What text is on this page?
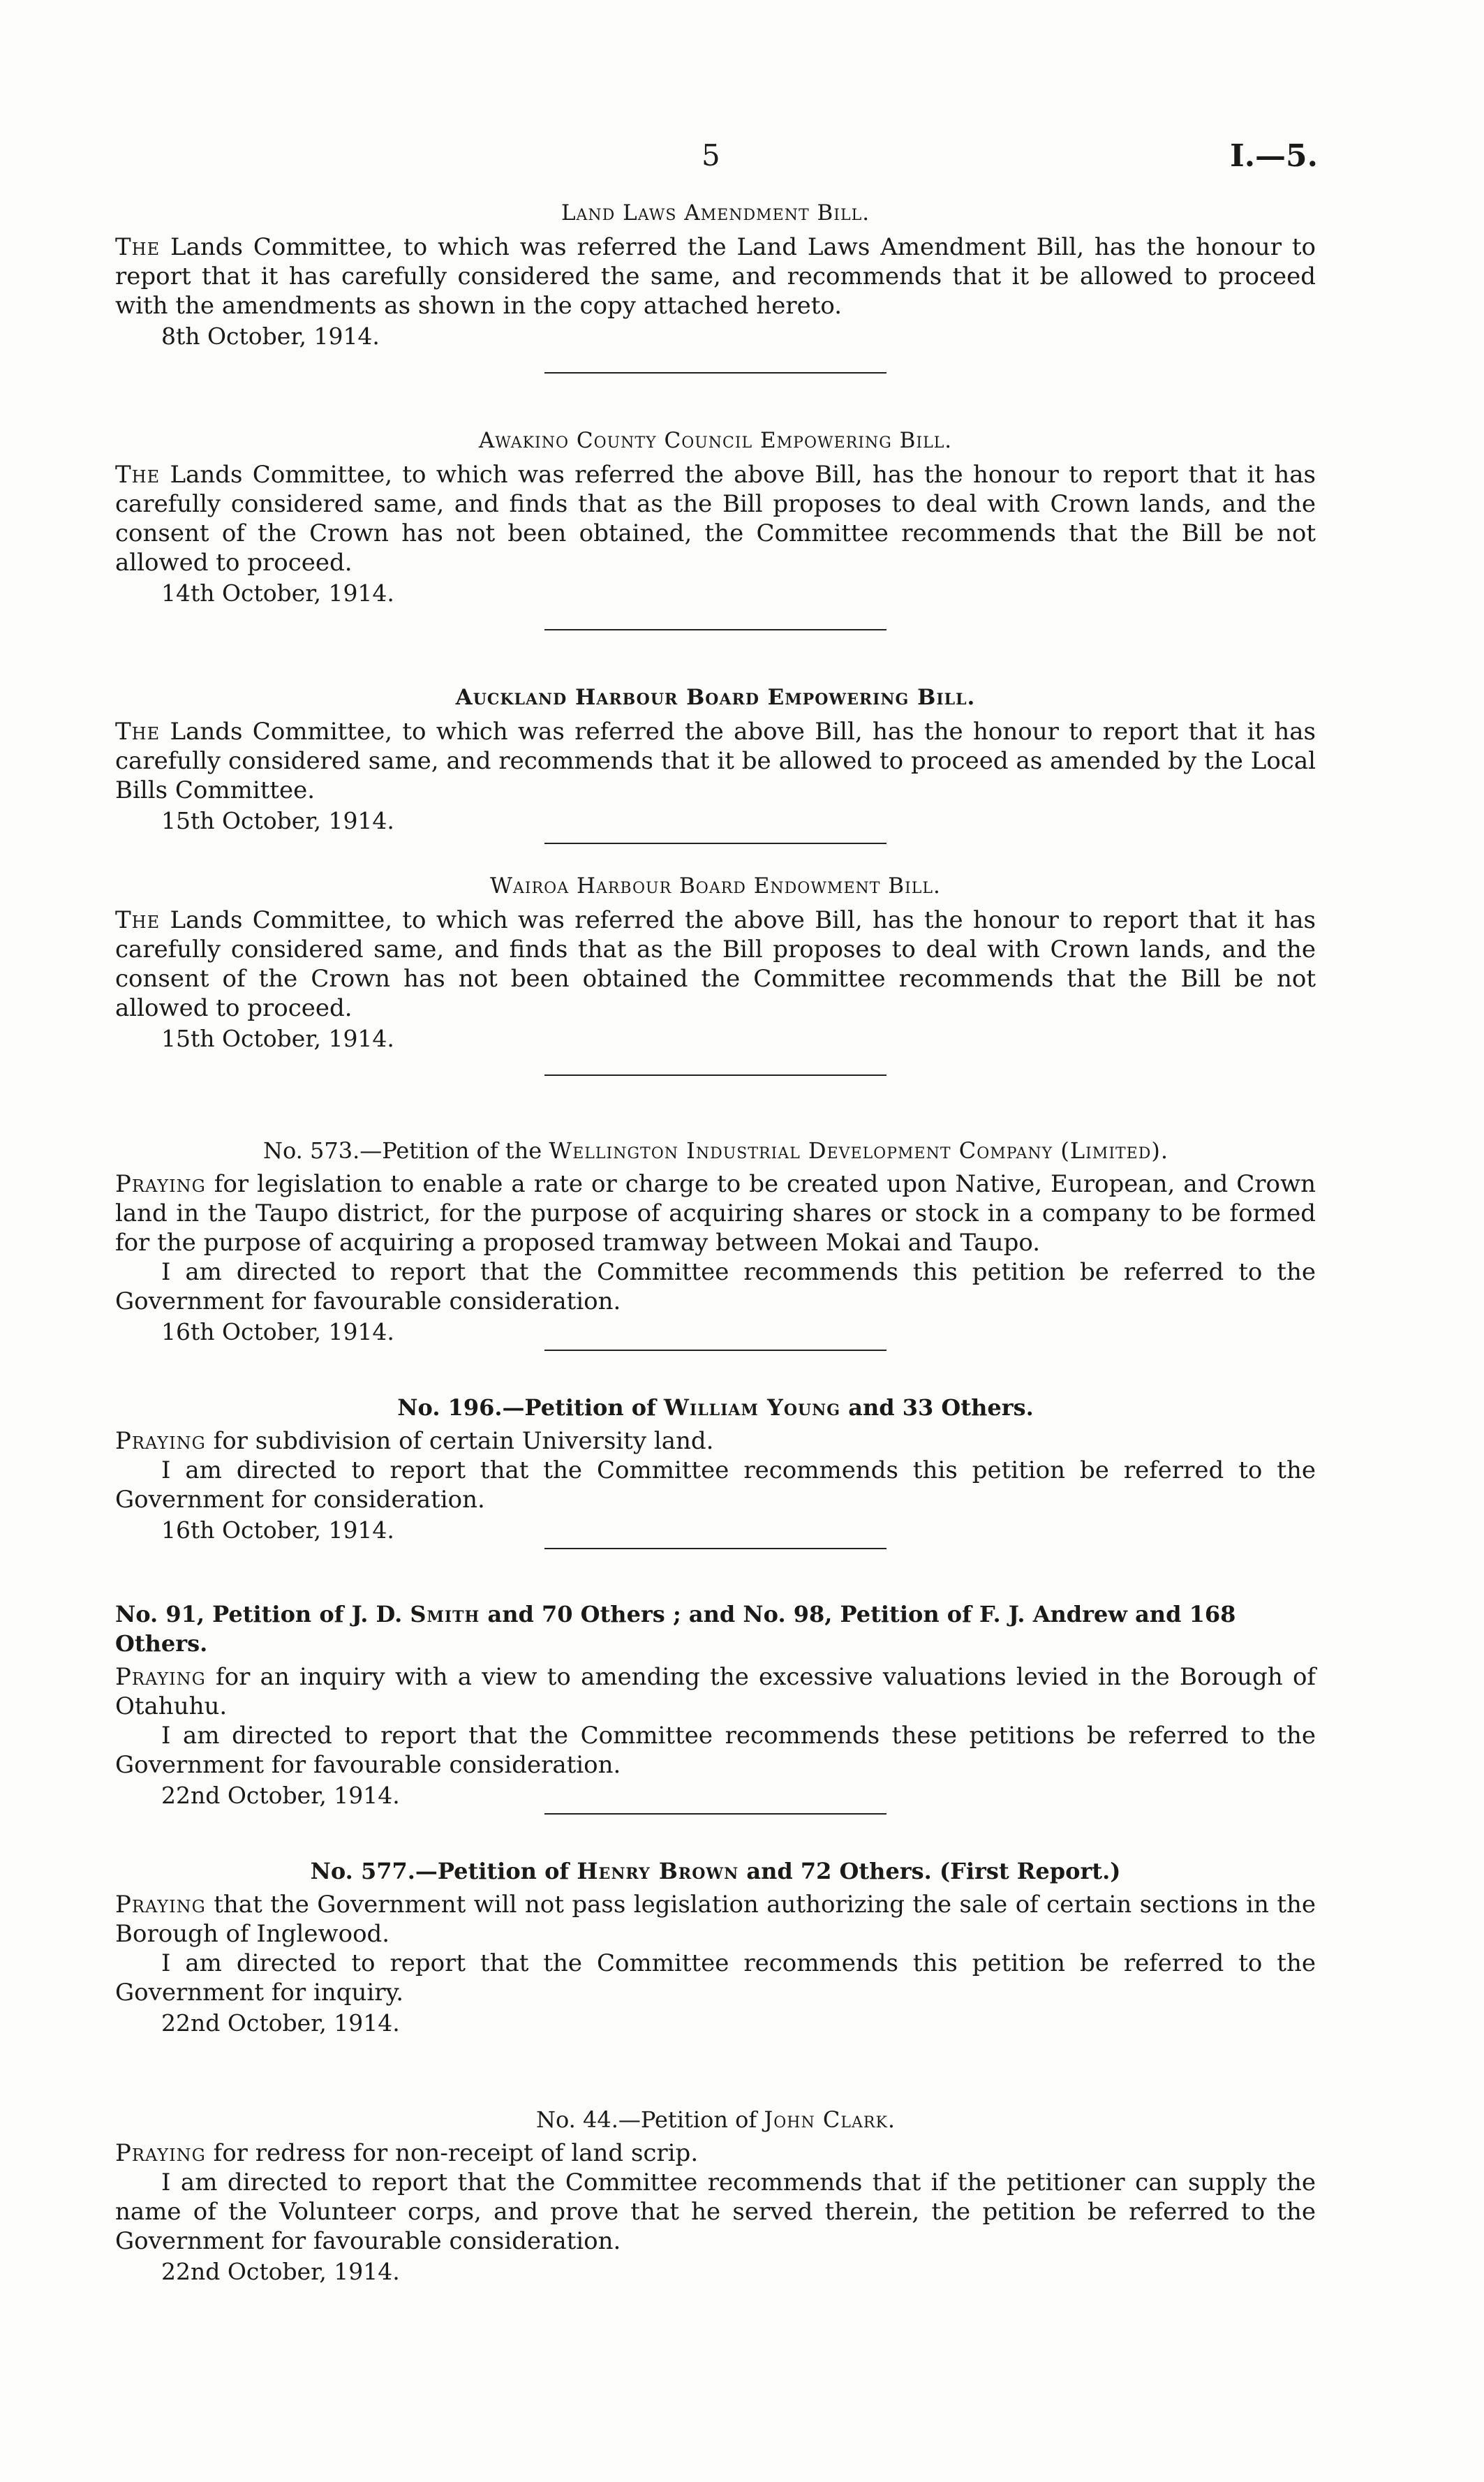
5	I.—5.

Land Laws Amendment Bill.

The Lands Committee, to which was referred the Land Laws Amendment Bill, has the honour to report that it has carefully considered the same, and recommends that it be allowed to proceed with the amendments as shown in the copy attached hereto.

8th October, 1914.

Awakino County Council Empowering Bill.

The Lands Committee, to which was referred the above Bill, has the honour to report that it has carefully considered same, and finds that as the Bill proposes to deal with Crown lands, and the consent of the Crown has not been obtained, the Committee recommends that the Bill be not allowed to proceed.

14th October, 1914.

Auckland Harbour Board Empowering Bill.

The Lands Committee, to which was referred the above Bill, has the honour to report that it has carefully considered same, and recommends that it be allowed to proceed as amended by the Local Bills Committee.

15th October, 1914.

Wairoa Harbour Board Endowment Bill.

The Lands Committee, to which was referred the above Bill, has the honour to report that it has carefully considered same, and finds that as the Bill proposes to deal with Crown lands, and the consent of the Crown has not been obtained the Committee recommends that the Bill be not allowed to proceed.

15th October, 1914.

No. 573.—Petition of the Wellington Industrial Development Company (Limited).

Praying for legislation to enable a rate or charge to be created upon Native, European, and Crown land in the Taupo district, for the purpose of acquiring shares or stock in a company to be formed for the purpose of acquiring a proposed tramway between Mokai and Taupo.

I am directed to report that the Committee recommends this petition be referred to the Government for favourable consideration.

16th October, 1914.

No. 196.—Petition of William Young and 33 Others.

Praying for subdivision of certain University land.

I am directed to report that the Committee recommends this petition be referred to the Government for consideration.

16th October, 1914.

No. 91, Petition of J. D. Smith and 70 Others ; and No. 98, Petition of F. J. Andrew and 168 Others.

Praying for an inquiry with a view to amending the excessive valuations levied in the Borough of Otahuhu.

I am directed to report that the Committee recommends these petitions be referred to the Government for favourable consideration.

22nd October, 1914.

No. 577.—Petition of Henry Brown and 72 Others. (First Report.)

Praying that the Government will not pass legislation authorizing the sale of certain sections in the Borough of Inglewood.

I am directed to report that the Committee recommends this petition be referred to the Government for inquiry.

22nd October, 1914.

No. 44.—Petition of John Clark.

Praying for redress for non-receipt of land scrip.

I am directed to report that the Committee recommends that if the petitioner can supply the name of the Volunteer corps, and prove that he served therein, the petition be referred to the Government for favourable consideration.

22nd October, 1914.
